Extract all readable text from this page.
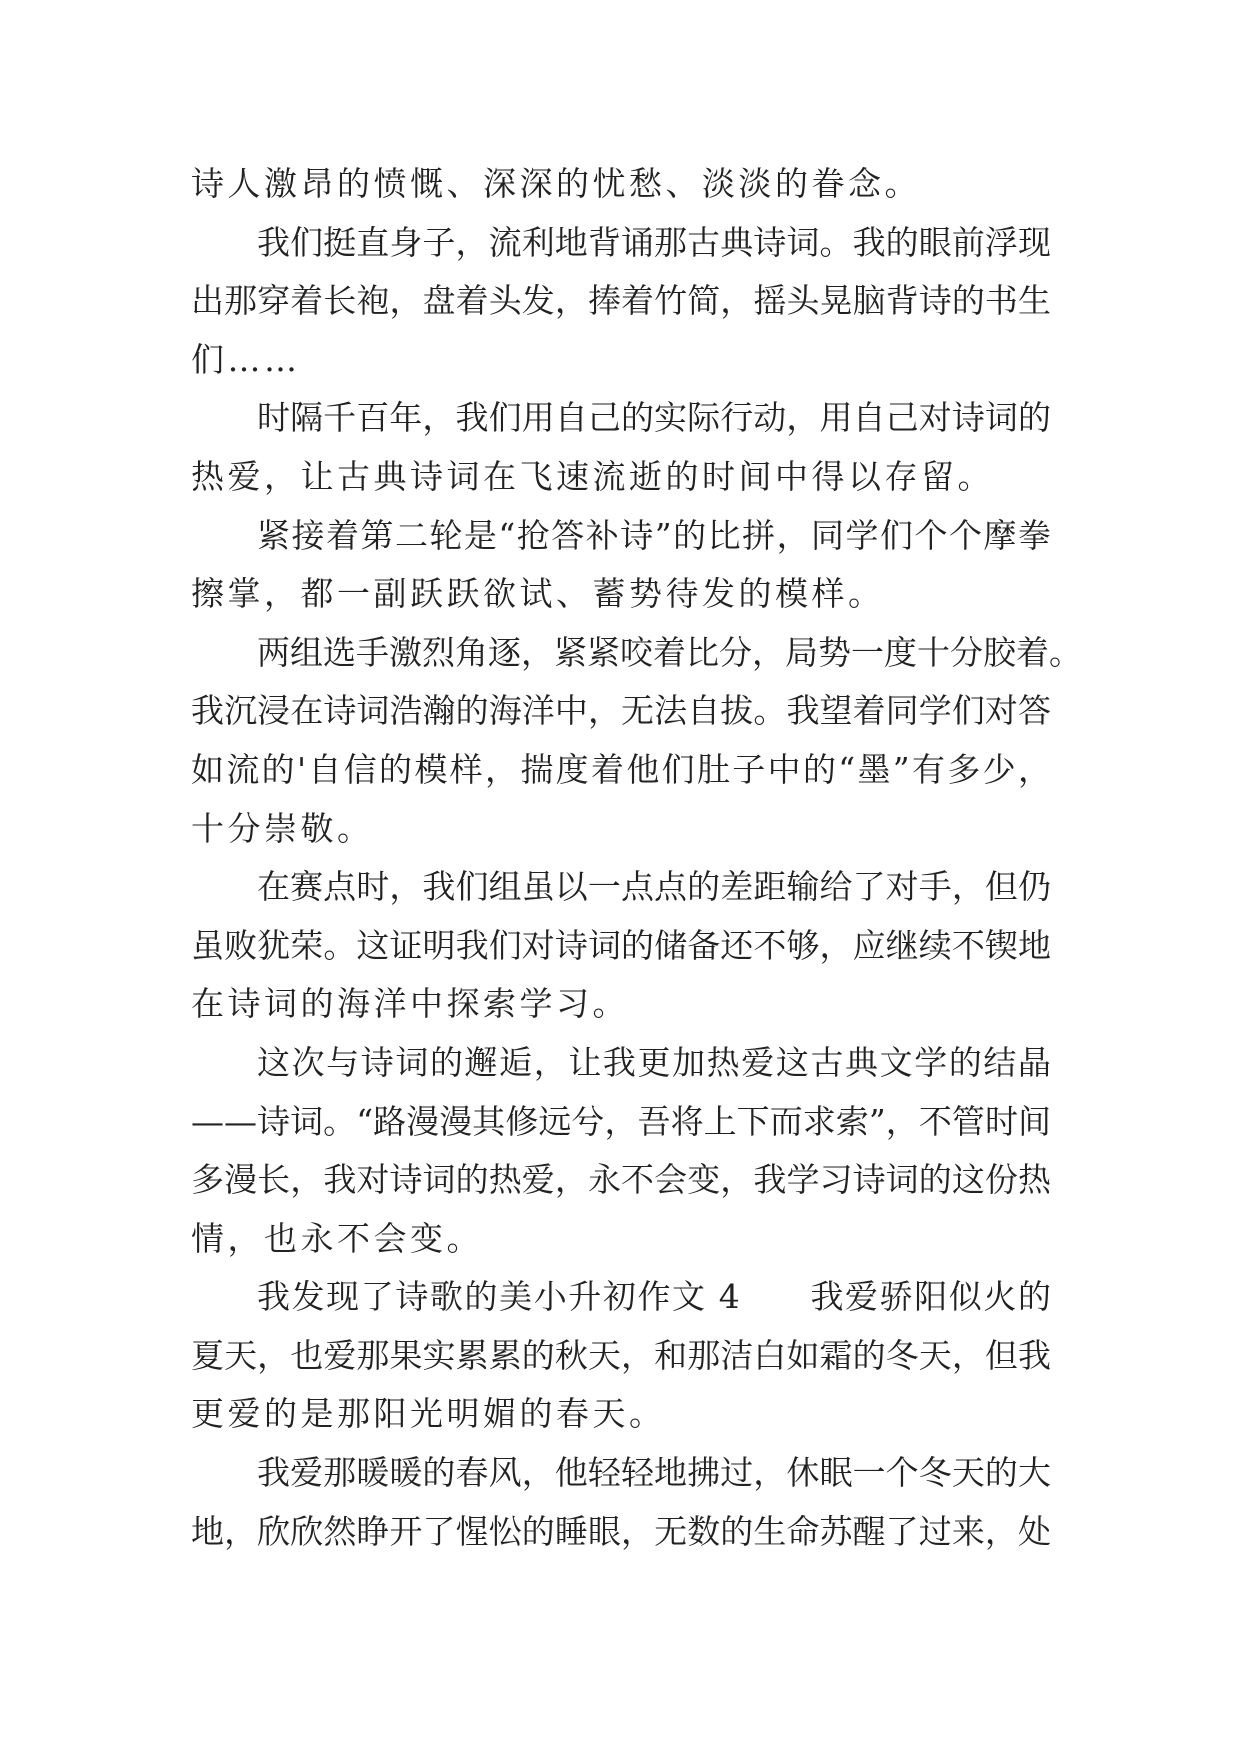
诗人激昂的愤慨、深深的忧愁、淡淡的眷念。
我们挺直身子，流利地背诵那古典诗词。我的眼前浮现
出那穿着长袍，盘着头发，捧着竹简，摇头晃脑背诗的书生
们……
时隔千百年，我们用自己的实际行动，用自己对诗词的
热爱，让古典诗词在飞速流逝的时间中得以存留。
紧接着第二轮是“抢答补诗”的比拼，同学们个个摩拳
擦掌，都一副跃跃欲试、蓄势待发的模样。
两组选手激烈角逐，紧紧咬着比分，局势一度十分胶着。
我沉浸在诗词浩瀚的海洋中，无法自拔。我望着同学们对答
如流的'自信的模样，揣度着他们肚子中的“墨”有多少，
十分崇敬。
在赛点时，我们组虽以一点点的差距输给了对手，但仍
虽败犹荣。这证明我们对诗词的储备还不够，应继续不锲地
在诗词的海洋中探索学习。
这次与诗词的邂逅，让我更加热爱这古典文学的结晶
——诗词。“路漫漫其修远兮，吾将上下而求索”，不管时间
多漫长，我对诗词的热爱，永不会变，我学习诗词的这份热
情，也永不会变。
我发现了诗歌的美小升初作文 4　　我爱骄阳似火的
夏天，也爱那果实累累的秋天，和那洁白如霜的冬天，但我
更爱的是那阳光明媚的春天。
我爱那暖暖的春风，他轻轻地拂过，休眠一个冬天的大
地，欣欣然睁开了惺忪的睡眼，无数的生命苏醒了过来，处
